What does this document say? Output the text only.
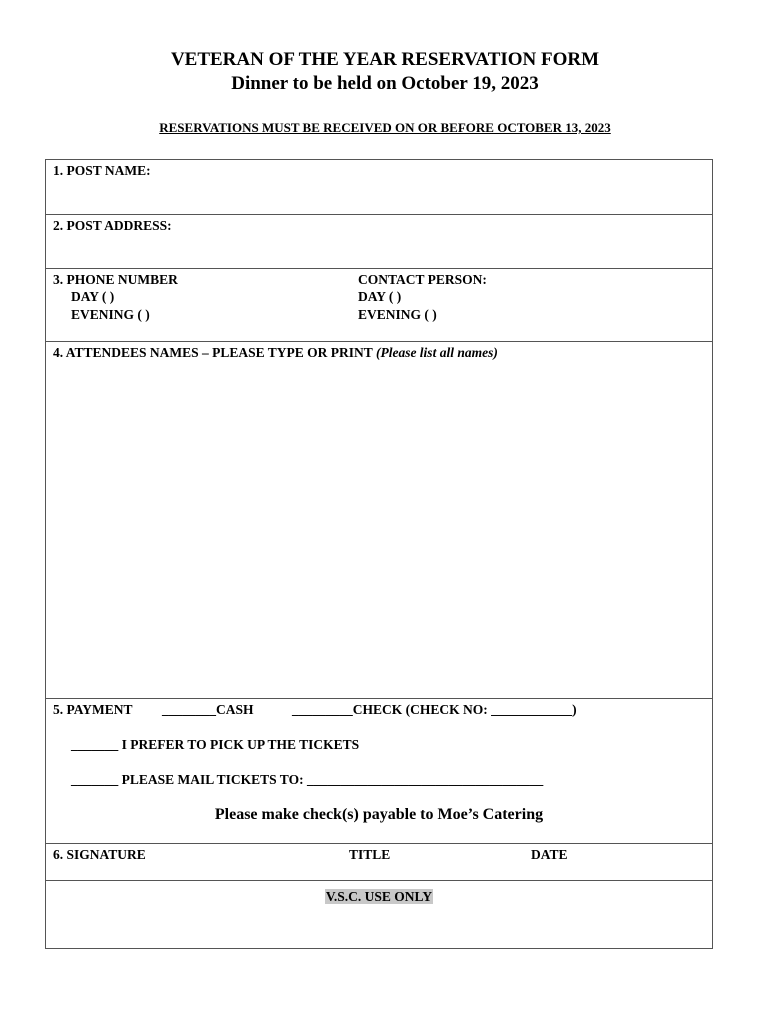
VETERAN OF THE YEAR RESERVATION FORM
Dinner to be held on October 19, 2023
RESERVATIONS MUST BE RECEIVED ON OR BEFORE OCTOBER 13, 2023
1. POST NAME:
2. POST ADDRESS:
3. PHONE NUMBER
DAY ( )
EVENING ( )
CONTACT PERSON:
DAY ( )
EVENING ( )
4. ATTENDEES NAMES – PLEASE TYPE OR PRINT (Please list all names)
5. PAYMENT ________CASH	_________CHECK (CHECK NO: ____________)
_______ I PREFER TO PICK UP THE TICKETS
_______ PLEASE MAIL TICKETS TO: ___________________________________
Please make check(s) payable to Moe’s Catering
6. SIGNATURE	TITLE	DATE
V.S.C. USE ONLY
